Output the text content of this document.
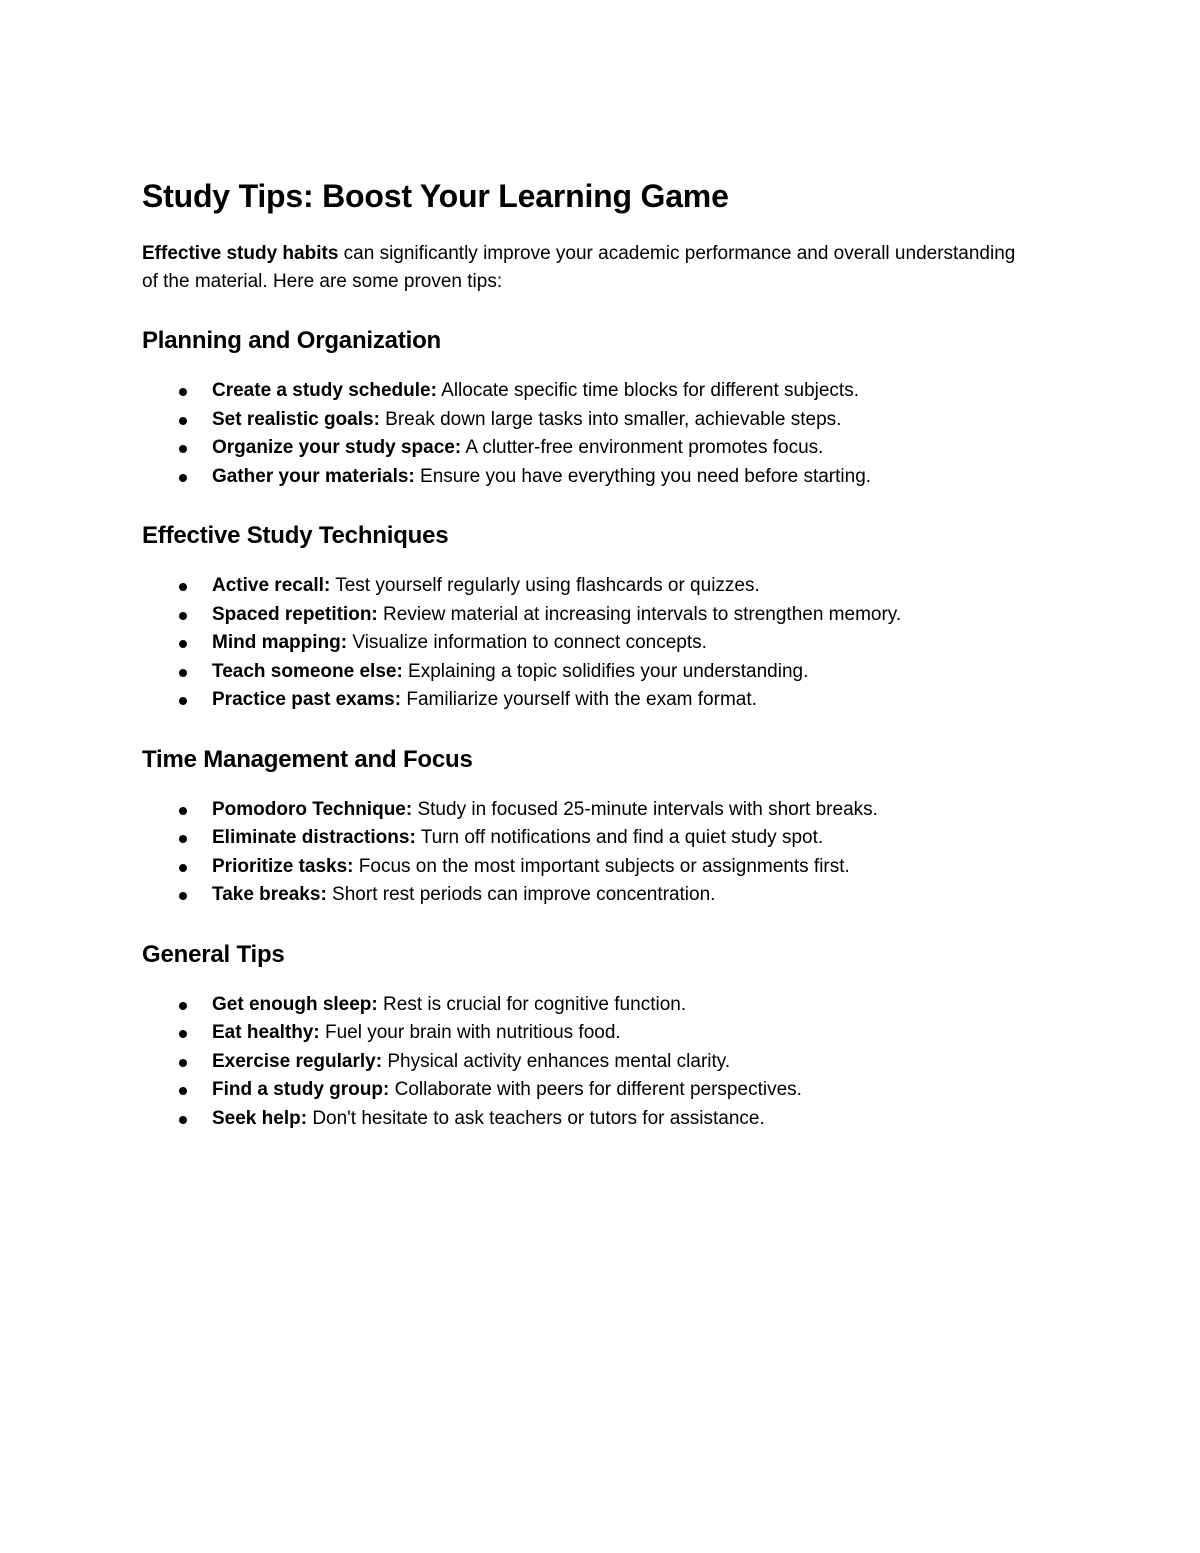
Study Tips: Boost Your Learning Game

Effective study habits can significantly improve your academic performance and overall understanding of the material. Here are some proven tips:

Planning and Organization
Create a study schedule: Allocate specific time blocks for different subjects.
Set realistic goals: Break down large tasks into smaller, achievable steps.
Organize your study space: A clutter-free environment promotes focus.
Gather your materials: Ensure you have everything you need before starting.
Effective Study Techniques
Active recall: Test yourself regularly using flashcards or quizzes.
Spaced repetition: Review material at increasing intervals to strengthen memory.
Mind mapping: Visualize information to connect concepts.
Teach someone else: Explaining a topic solidifies your understanding.
Practice past exams: Familiarize yourself with the exam format.
Time Management and Focus
Pomodoro Technique: Study in focused 25-minute intervals with short breaks.
Eliminate distractions: Turn off notifications and find a quiet study spot.
Prioritize tasks: Focus on the most important subjects or assignments first.
Take breaks: Short rest periods can improve concentration.
General Tips
Get enough sleep: Rest is crucial for cognitive function.
Eat healthy: Fuel your brain with nutritious food.
Exercise regularly: Physical activity enhances mental clarity.
Find a study group: Collaborate with peers for different perspectives.
Seek help: Don't hesitate to ask teachers or tutors for assistance.
